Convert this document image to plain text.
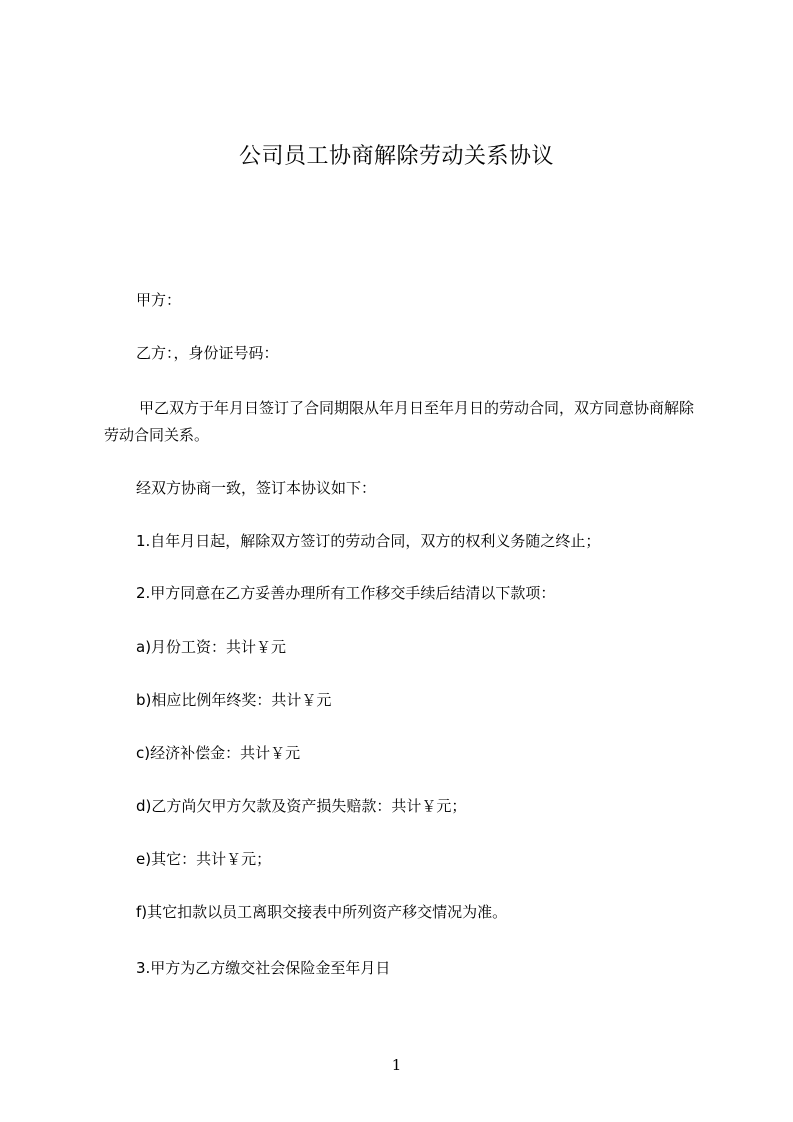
公司员工协商解除劳动关系协议

甲方：

乙方：，身份证号码：

甲乙双方于年月日签订了合同期限从年月日至年月日的劳动合同，双方同意协商解除劳动合同关系。

经双方协商一致，签订本协议如下：

1.自年月日起，解除双方签订的劳动合同，双方的权利义务随之终止；

2.甲方同意在乙方妥善办理所有工作移交手续后结清以下款项：

a)月份工资：共计￥元

b)相应比例年终奖：共计￥元

c)经济补偿金：共计￥元

d)乙方尚欠甲方欠款及资产损失赔款：共计￥元；

e)其它：共计￥元；

f)其它扣款以员工离职交接表中所列资产移交情况为准。

3.甲方为乙方缴交社会保险金至年月日

1
